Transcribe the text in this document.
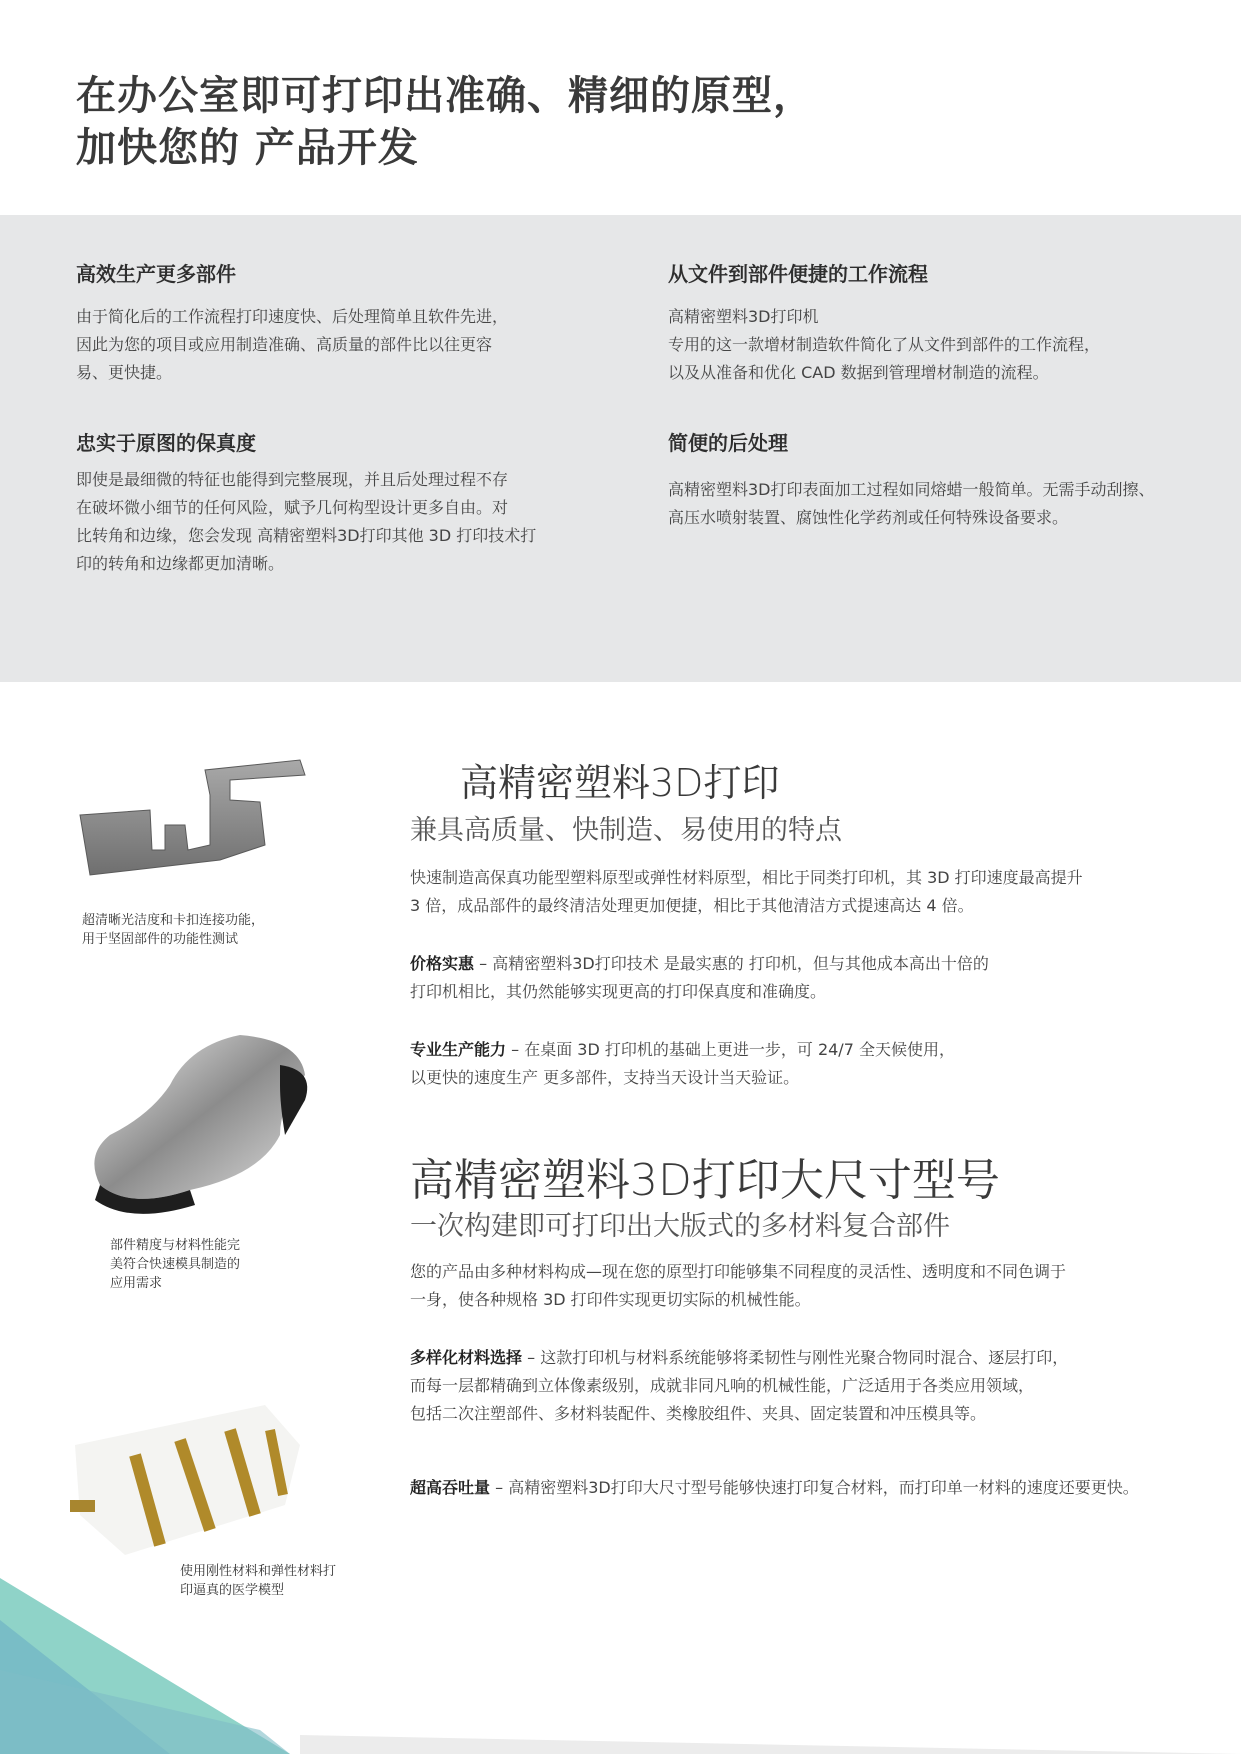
在办公室即可打印出准确、精细的原型，
加快您的 产品开发
高效生产更多部件
由于简化后的工作流程打印速度快、后处理简单且软件先进，
因此为您的项目或应用制造准确、高质量的部件比以往更容
易、更快捷。
忠实于原图的保真度
即使是最细微的特征也能得到完整展现，并且后处理过程不存
在破坏微小细节的任何风险，赋予几何构型设计更多自由。对
比转角和边缘，您会发现 高精密塑料3D打印其他 3D 打印技术打
印的转角和边缘都更加清晰。
从文件到部件便捷的工作流程
高精密塑料3D打印机
专用的这一款增材制造软件简化了从文件到部件的工作流程，
以及从准备和优化 CAD 数据到管理增材制造的流程。
简便的后处理
高精密塑料3D打印表面加工过程如同熔蜡一般简单。无需手动刮擦、
高压水喷射装置、腐蚀性化学药剂或任何特殊设备要求。
高精密塑料3D打印
兼具高质量、快制造、易使用的特点
快速制造高保真功能型塑料原型或弹性材料原型，相比于同类打印机，其 3D 打印速度最高提升
3 倍，成品部件的最终清洁处理更加便捷，相比于其他清洁方式提速高达 4 倍。
价格实惠 – 高精密塑料3D打印技术 是最实惠的 打印机，但与其他成本高出十倍的
打印机相比，其仍然能够实现更高的打印保真度和准确度。
专业生产能力 – 在桌面 3D 打印机的基础上更进一步，可 24/7 全天候使用，
以更快的速度生产 更多部件，支持当天设计当天验证。
高精密塑料3D打印大尺寸型号
一次构建即可打印出大版式的多材料复合部件
您的产品由多种材料构成—现在您的原型打印能够集不同程度的灵活性、透明度和不同色调于
一身，使各种规格 3D 打印件实现更切实际的机械性能。
多样化材料选择 – 这款打印机与材料系统能够将柔韧性与刚性光聚合物同时混合、逐层打印，
而每一层都精确到立体像素级别，成就非同凡响的机械性能，广泛适用于各类应用领域，
包括二次注塑部件、多材料装配件、类橡胶组件、夹具、固定装置和冲压模具等。
超高吞吐量 – 高精密塑料3D打印大尺寸型号能够快速打印复合材料，而打印单一材料的速度还要更快。
超清晰光洁度和卡扣连接功能，
用于坚固部件的功能性测试
部件精度与材料性能完
美符合快速模具制造的
应用需求
使用刚性材料和弹性材料打
印逼真的医学模型
